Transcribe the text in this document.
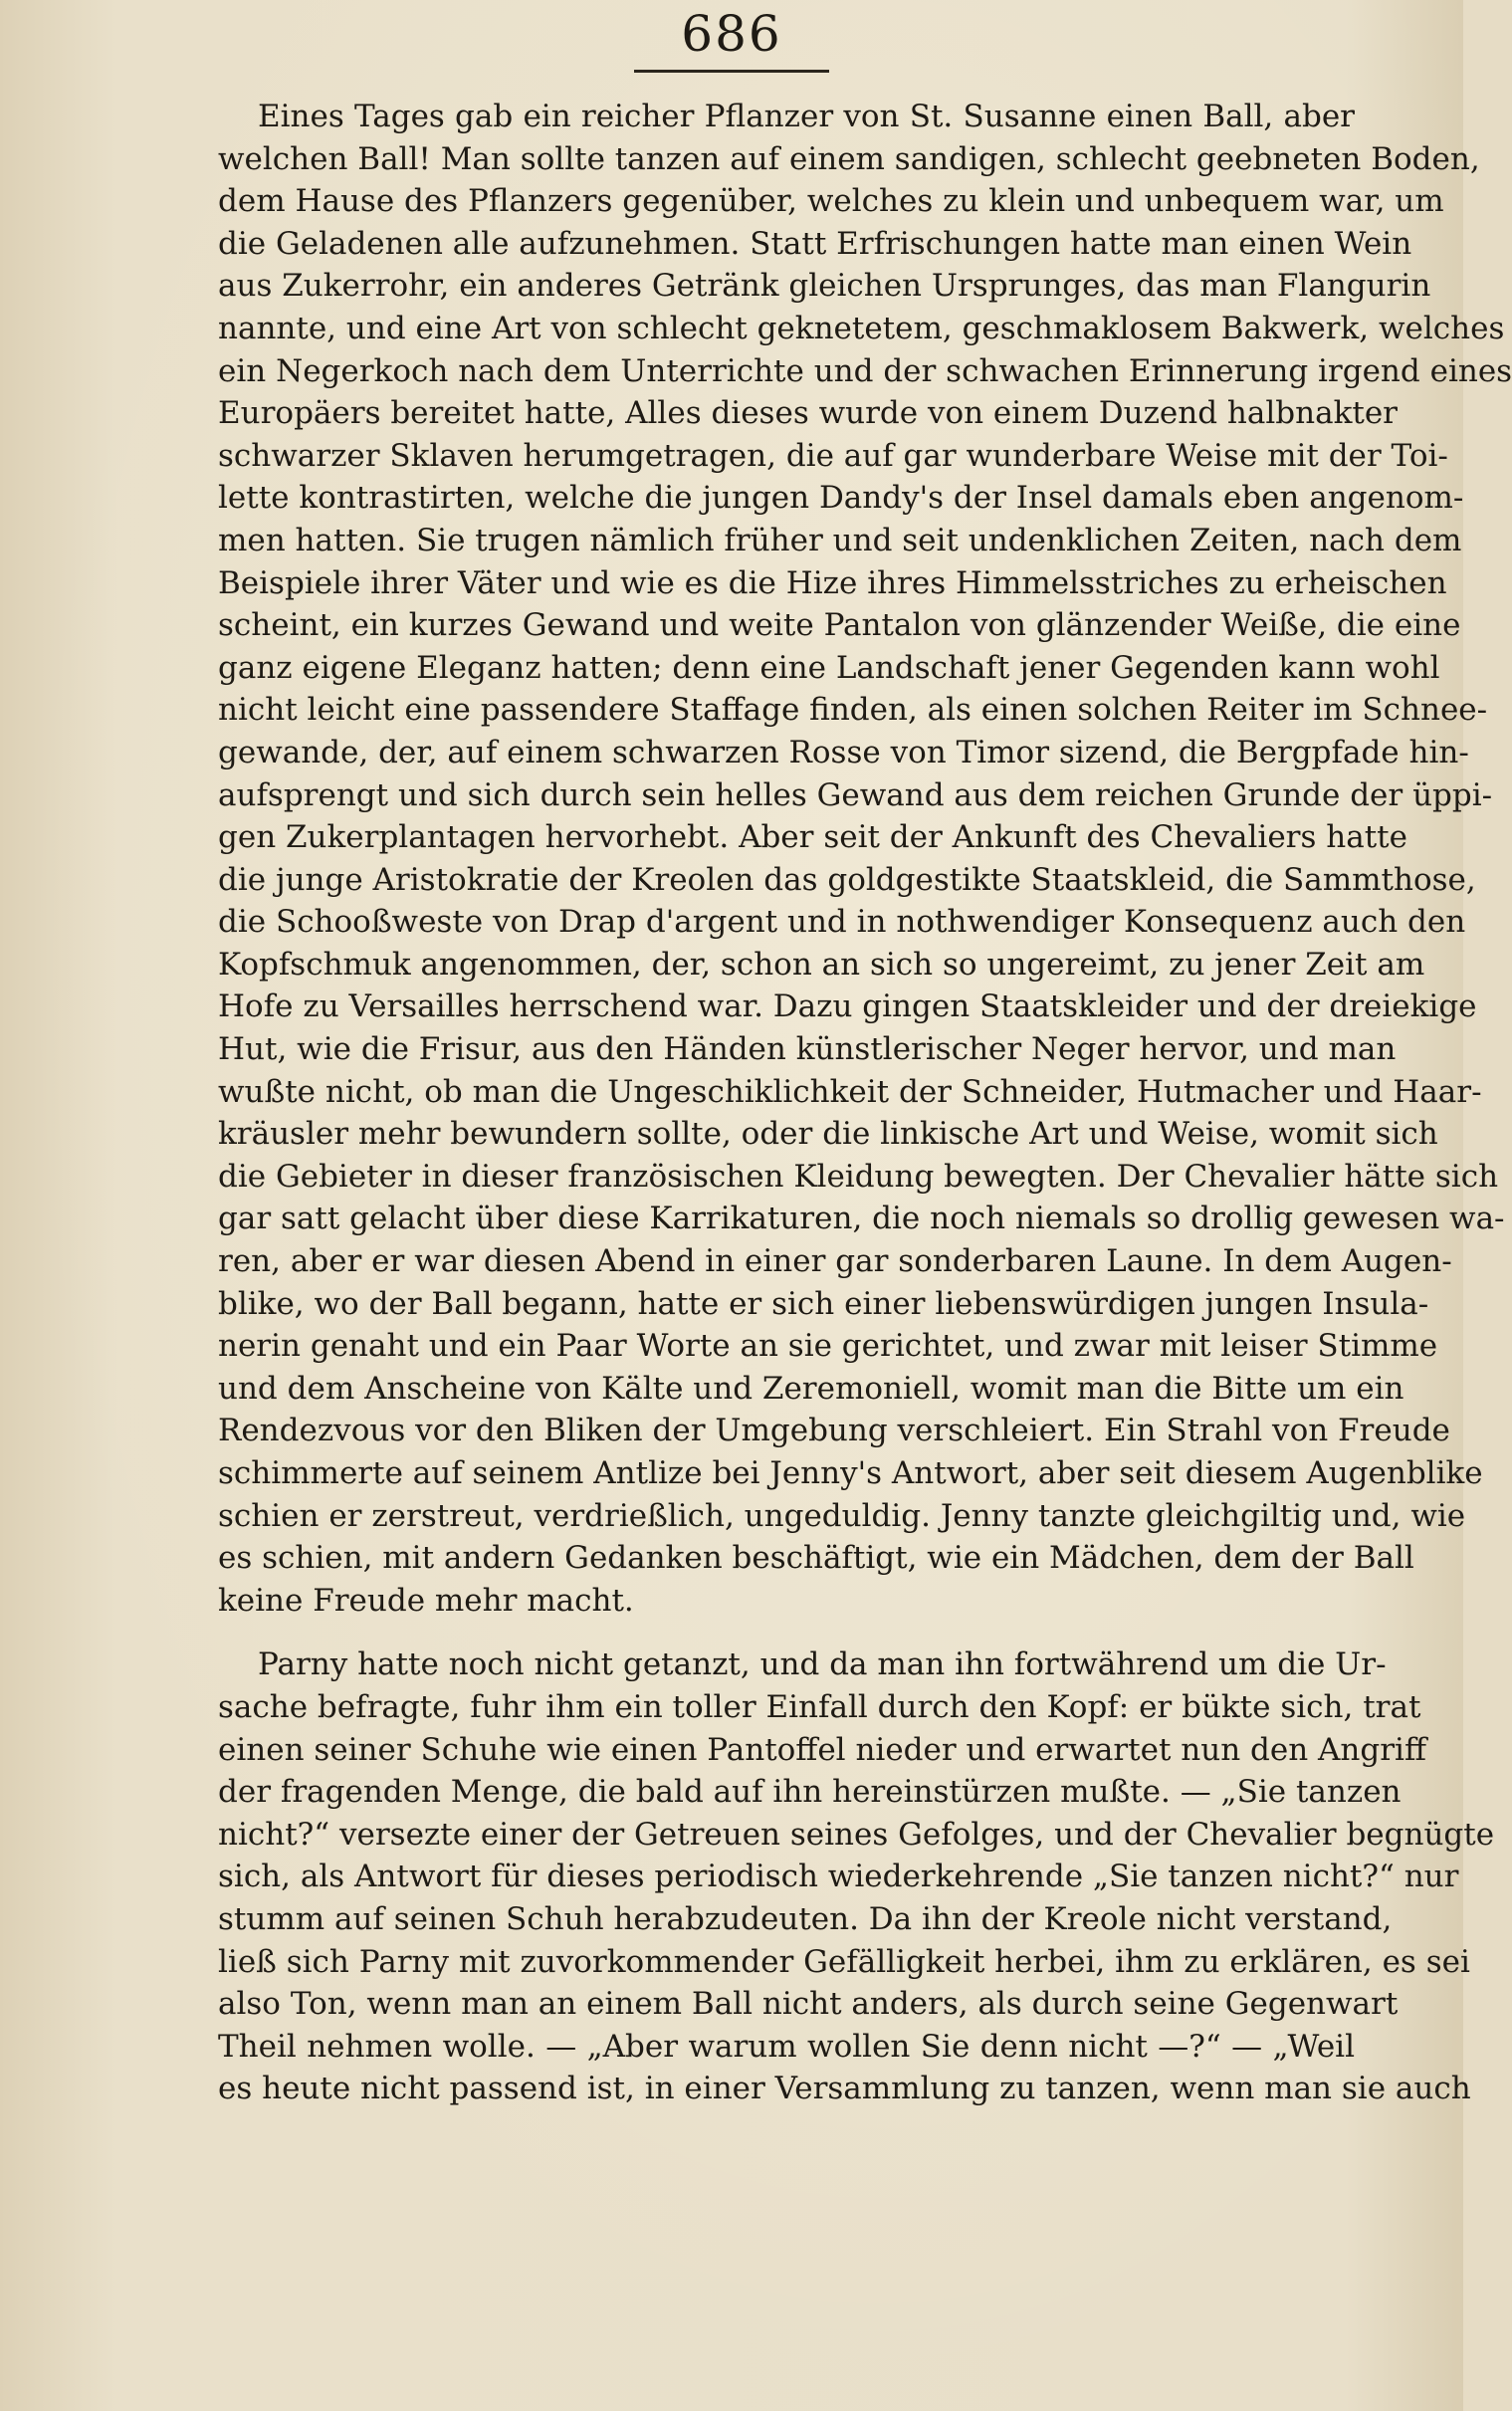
686
Eines Tages gab ein reicher Pflanzer von St. Susanne einen Ball, aber
welchen Ball! Man sollte tanzen auf einem sandigen, schlecht geebneten Boden,
dem Hause des Pflanzers gegenüber, welches zu klein und unbequem war, um
die Geladenen alle aufzunehmen. Statt Erfrischungen hatte man einen Wein
aus Zukerrohr, ein anderes Getränk gleichen Ursprunges, das man Flangurin
nannte, und eine Art von schlecht geknetetem, geschmaklosem Bakwerk, welches
ein Negerkoch nach dem Unterrichte und der schwachen Erinnerung irgend eines
Europäers bereitet hatte, Alles dieses wurde von einem Duzend halbnakter
schwarzer Sklaven herumgetragen, die auf gar wunderbare Weise mit der Toi-
lette kontrastirten, welche die jungen Dandy's der Insel damals eben angenom-
men hatten. Sie trugen nämlich früher und seit undenklichen Zeiten, nach dem
Beispiele ihrer Väter und wie es die Hize ihres Himmelsstriches zu erheischen
scheint, ein kurzes Gewand und weite Pantalon von glänzender Weiße, die eine
ganz eigene Eleganz hatten; denn eine Landschaft jener Gegenden kann wohl
nicht leicht eine passendere Staffage finden, als einen solchen Reiter im Schnee-
gewande, der, auf einem schwarzen Rosse von Timor sizend, die Bergpfade hin-
aufsprengt und sich durch sein helles Gewand aus dem reichen Grunde der üppi-
gen Zukerplantagen hervorhebt. Aber seit der Ankunft des Chevaliers hatte
die junge Aristokratie der Kreolen das goldgestikte Staatskleid, die Sammthose,
die Schooßweste von Drap d'argent und in nothwendiger Konsequenz auch den
Kopfschmuk angenommen, der, schon an sich so ungereimt, zu jener Zeit am
Hofe zu Versailles herrschend war. Dazu gingen Staatskleider und der dreiekige
Hut, wie die Frisur, aus den Händen künstlerischer Neger hervor, und man
wußte nicht, ob man die Ungeschiklichkeit der Schneider, Hutmacher und Haar-
kräusler mehr bewundern sollte, oder die linkische Art und Weise, womit sich
die Gebieter in dieser französischen Kleidung bewegten. Der Chevalier hätte sich
gar satt gelacht über diese Karrikaturen, die noch niemals so drollig gewesen wa-
ren, aber er war diesen Abend in einer gar sonderbaren Laune. In dem Augen-
blike, wo der Ball begann, hatte er sich einer liebenswürdigen jungen Insula-
nerin genaht und ein Paar Worte an sie gerichtet, und zwar mit leiser Stimme
und dem Anscheine von Kälte und Zeremoniell, womit man die Bitte um ein
Rendezvous vor den Bliken der Umgebung verschleiert. Ein Strahl von Freude
schimmerte auf seinem Antlize bei Jenny's Antwort, aber seit diesem Augenblike
schien er zerstreut, verdrießlich, ungeduldig. Jenny tanzte gleichgiltig und, wie
es schien, mit andern Gedanken beschäftigt, wie ein Mädchen, dem der Ball
keine Freude mehr macht.
Parny hatte noch nicht getanzt, und da man ihn fortwährend um die Ur-
sache befragte, fuhr ihm ein toller Einfall durch den Kopf: er bükte sich, trat
einen seiner Schuhe wie einen Pantoffel nieder und erwartet nun den Angriff
der fragenden Menge, die bald auf ihn hereinstürzen mußte. — „Sie tanzen
nicht?“ versezte einer der Getreuen seines Gefolges, und der Chevalier begnügte
sich, als Antwort für dieses periodisch wiederkehrende „Sie tanzen nicht?“ nur
stumm auf seinen Schuh herabzudeuten. Da ihn der Kreole nicht verstand,
ließ sich Parny mit zuvorkommender Gefälligkeit herbei, ihm zu erklären, es sei
also Ton, wenn man an einem Ball nicht anders, als durch seine Gegenwart
Theil nehmen wolle. — „Aber warum wollen Sie denn nicht —?“ — „Weil
es heute nicht passend ist, in einer Versammlung zu tanzen, wenn man sie auch
